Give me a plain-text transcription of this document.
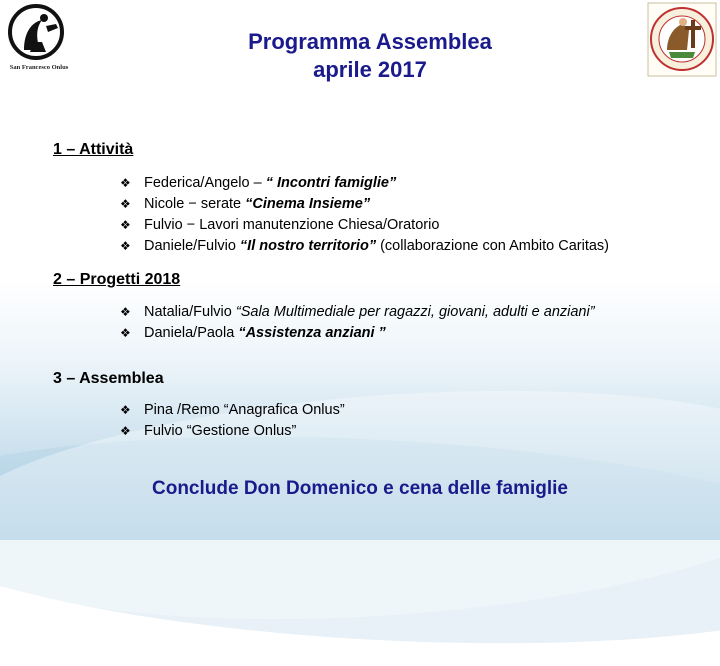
San Francesco Onlus
Programma Assemblea
aprile 2017
1 – Attività
❖ Federica/Angelo – “ Incontri famiglie”
❖ Nicole − serate “Cinema Insieme”
❖ Fulvio − Lavori manutenzione Chiesa/Oratorio
❖ Daniele/Fulvio “Il nostro territorio” (collaborazione con Ambito Caritas)
2 – Progetti 2018
❖ Natalia/Fulvio “Sala Multimediale per ragazzi, giovani, adulti e anziani”
❖ Daniela/Paola “Assistenza anziani ”
3 – Assemblea
❖ Pina /Remo “Anagrafica Onlus”
❖ Fulvio “Gestione Onlus”
Conclude Don Domenico e cena delle famiglie
